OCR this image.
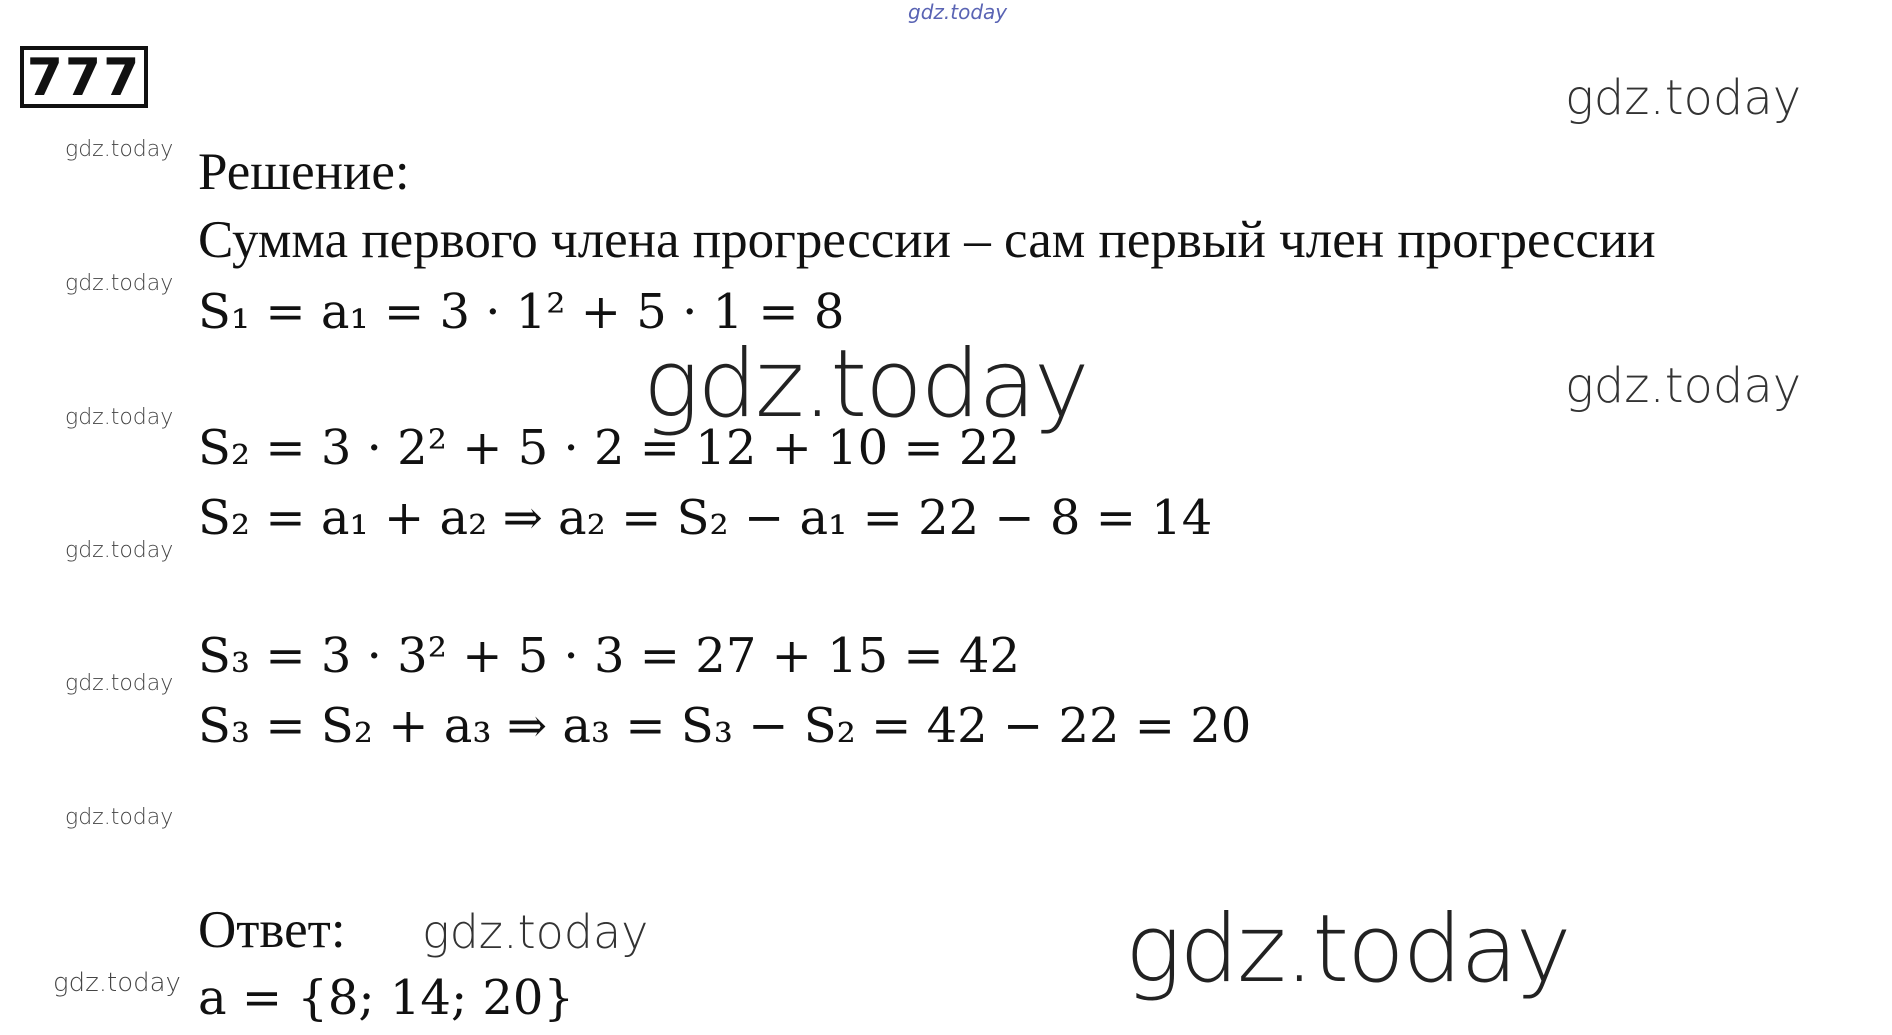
777
gdz.today
gdz.today
gdz.today
gdz.today
gdz.today
gdz.today
gdz.today
gdz.today
gdz.today
gdz.today
gdz.today
gdz.today
gdz.today
Решение:
Сумма первого члена прогрессии – сам первый член прогрессии
S₁ = a₁ = 3 · 1² + 5 · 1 = 8
S₂ = 3 · 2² + 5 · 2 = 12 + 10 = 22
S₂ = a₁ + a₂ ⇒ a₂ = S₂ − a₁ = 22 − 8 = 14
S₃ = 3 · 3² + 5 · 3 = 27 + 15 = 42
S₃ = S₂ + a₃ ⇒ a₃ = S₃ − S₂ = 42 − 22 = 20
Ответ:
a = {8; 14; 20}
